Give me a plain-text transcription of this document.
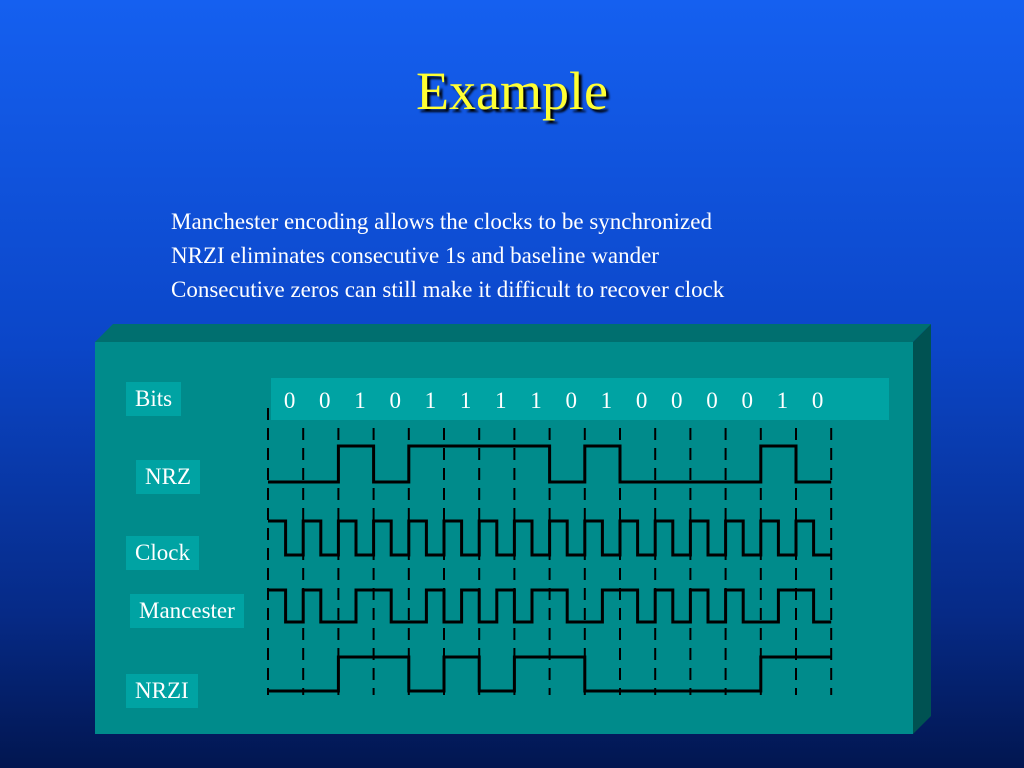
Example
Manchester encoding allows the clocks to be synchronized
NRZI eliminates consecutive 1s and baseline wander
Consecutive zeros can still make it difficult to recover clock
Bits	0 0 1 0 1 1 1 1 0 1 0 0 0 0 1 0
NRZ
Clock
Mancester
NRZI
